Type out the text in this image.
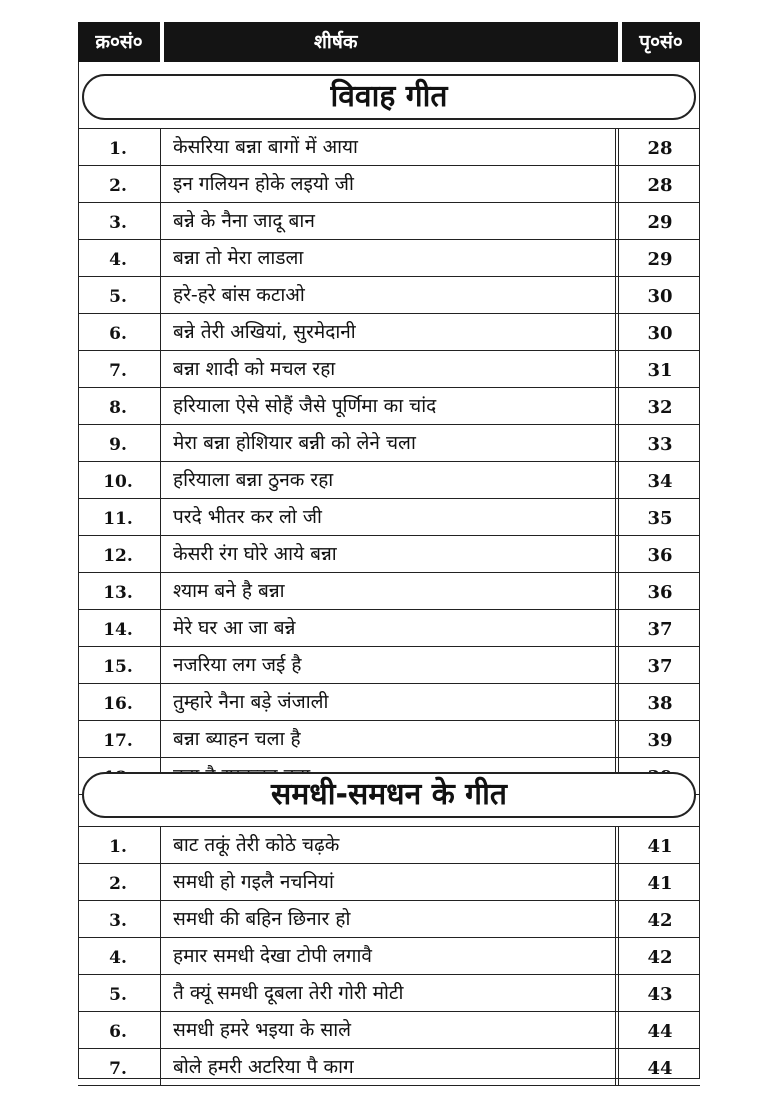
क्र०सं०	शीर्षक	पृ०सं०
विवाह गीत
1.	केसरिया बन्ना बागों में आया	28
2.	इन गलियन होके लइयो जी	28
3.	बन्ने के नैना जादू बान	29
4.	बन्ना तो मेरा लाडला	29
5.	हरे-हरे बांस कटाओ	30
6.	बन्ने तेरी अखियां, सुरमेदानी	30
7.	बन्ना शादी को मचल रहा	31
8.	हरियाला ऐसे सोहैं जैसे पूर्णिमा का चांद	32
9.	मेरा बन्ना होशियार बन्नी को लेने चला	33
10.	हरियाला बन्ना ठुनक रहा	34
11.	परदे भीतर कर लो जी	35
12.	केसरी रंग घोरे आये बन्ना	36
13.	श्याम बने है बन्ना	36
14.	मेरे घर आ जा बन्ने	37
15.	नजरिया लग जई है	37
16.	तुम्हारे नैना बड़े जंजाली	38
17.	बन्ना ब्याहन चला है	39
समधी-समधन के गीत
1.	बाट तकूं तेरी कोठे चढ़के	41
2.	समधी हो गइलै नचनियां	41
3.	समधी की बहिन छिनार हो	42
4.	हमार समधी देखा टोपी लगावै	42
5.	तै क्यूं समधी दूबला तेरी गोरी मोटी	43
6.	समधी हमरे भइया के साले	44
7.	बोले हमरी अटरिया पै काग	44
